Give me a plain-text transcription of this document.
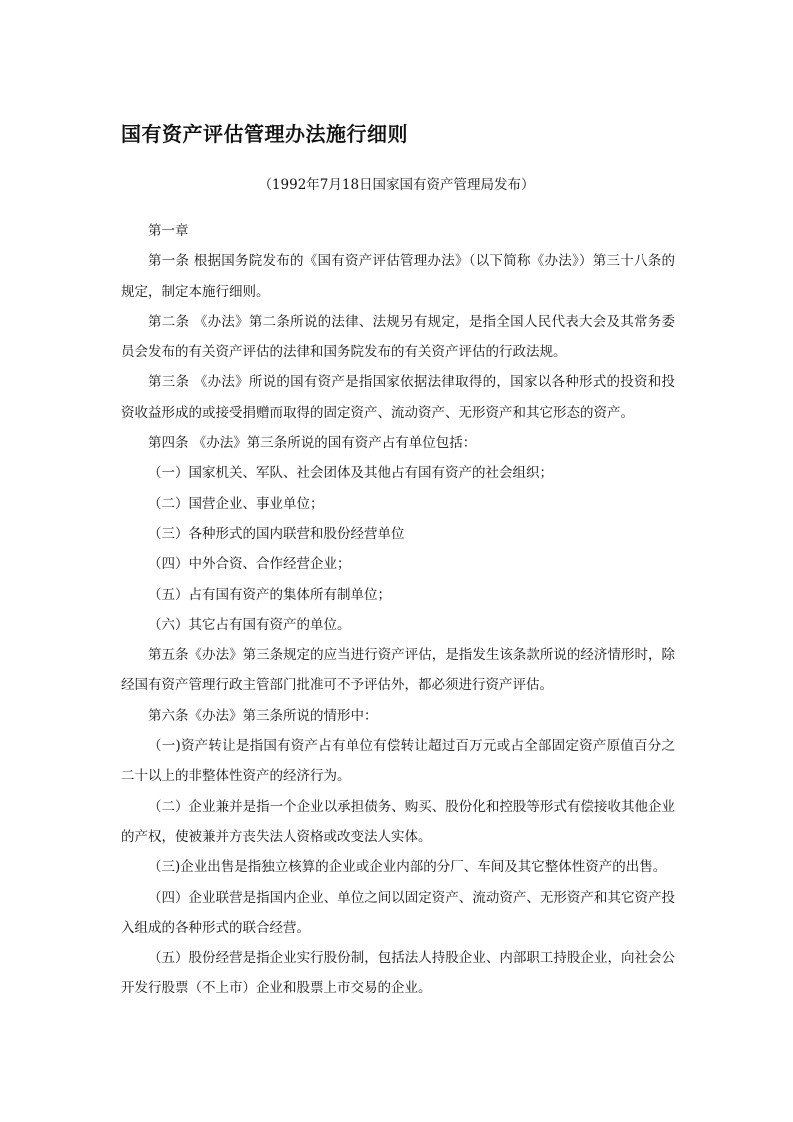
国有资产评估管理办法施行细则
（1992年7月18日国家国有资产管理局发布）

第一章

第一条 根据国务院发布的《国有资产评估管理办法》（以下简称《办法》）第三十八条的规定，制定本施行细则。

第二条 《办法》第二条所说的法律、法规另有规定，是指全国人民代表大会及其常务委员会发布的有关资产评估的法律和国务院发布的有关资产评估的行政法规。

第三条 《办法》所说的国有资产是指国家依据法律取得的，国家以各种形式的投资和投资收益形成的或接受捐赠而取得的固定资产、流动资产、无形资产和其它形态的资产。

第四条 《办法》第三条所说的国有资产占有单位包括：

（一）国家机关、军队、社会团体及其他占有国有资产的社会组织；

（二）国营企业、事业单位；

（三）各种形式的国内联营和股份经营单位

（四）中外合资、合作经营企业；

（五）占有国有资产的集体所有制单位；

（六）其它占有国有资产的单位。

第五条《办法》第三条规定的应当进行资产评估，是指发生该条款所说的经济情形时，除经国有资产管理行政主管部门批准可不予评估外，都必须进行资产评估。

第六条《办法》第三条所说的情形中：

（一)资产转让是指国有资产占有单位有偿转让超过百万元或占全部固定资产原值百分之二十以上的非整体性资产的经济行为。

（二）企业兼并是指一个企业以承担债务、购买、股份化和控股等形式有偿接收其他企业的产权，使被兼并方丧失法人资格或改变法人实体。

（三)企业出售是指独立核算的企业或企业内部的分厂、车间及其它整体性资产的出售。

（四）企业联营是指国内企业、单位之间以固定资产、流动资产、无形资产和其它资产投入组成的各种形式的联合经营。

（五）股份经营是指企业实行股份制，包括法人持股企业、内部职工持股企业，向社会公开发行股票（不上市）企业和股票上市交易的企业。
